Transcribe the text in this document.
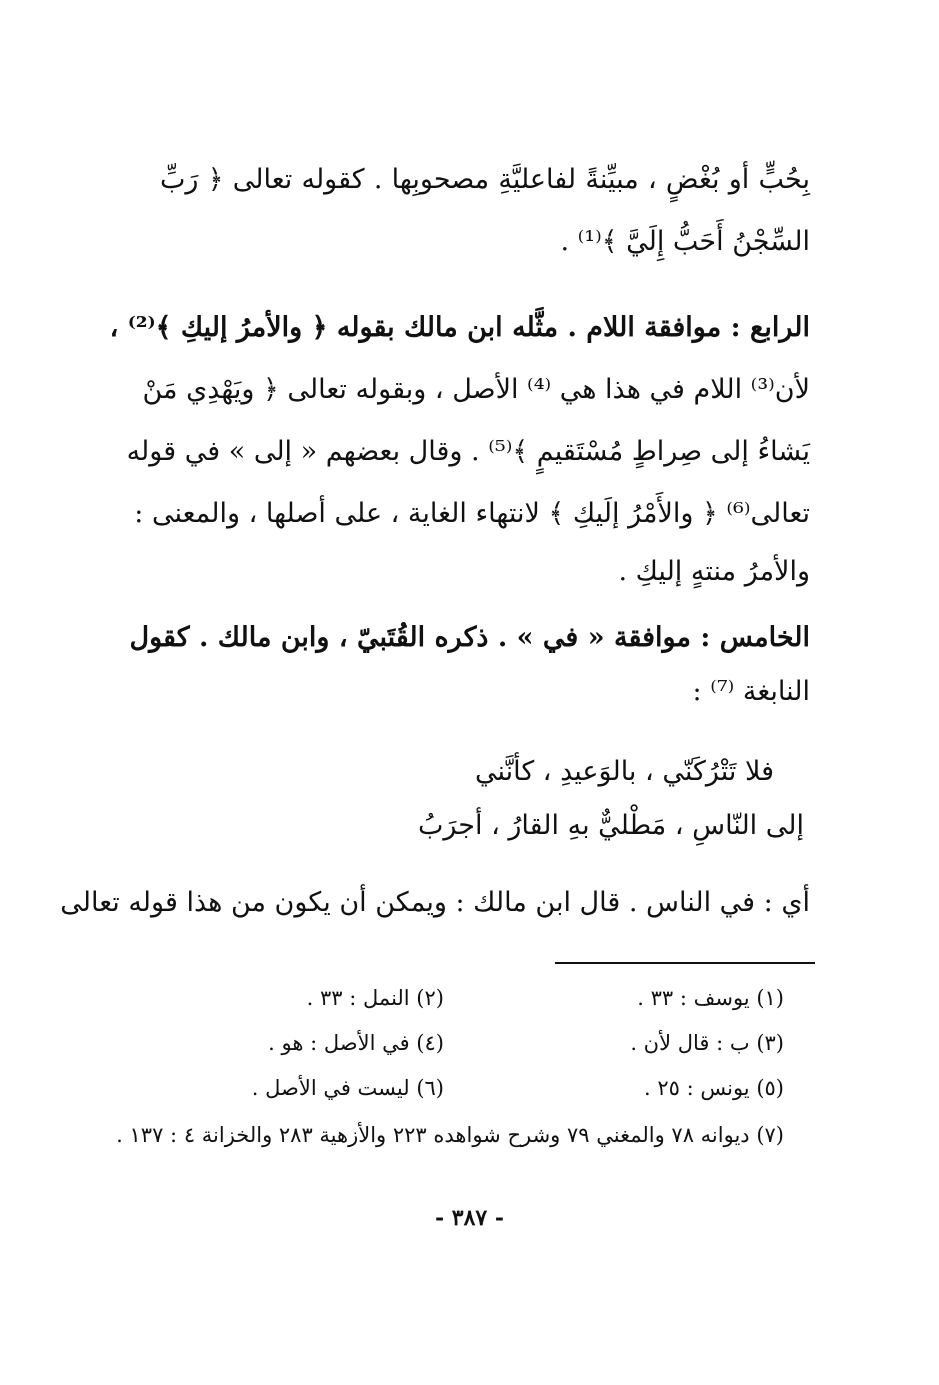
بِحُبٍّ أو بُغْضٍ ، مبيِّنةً لفاعليَّةِ مصحوبِها . كقوله تعالى ﴿ رَبِّ
السِّجْنُ أَحَبُّ إِلَيَّ ﴾⁽¹⁾ .
الرابع : موافقة اللام . مثَّله ابن مالك بقوله ﴿ والأمرُ إليكِ ﴾⁽²⁾ ،
لأن⁽³⁾ اللام في هذا هي ⁽⁴⁾ الأصل ، وبقوله تعالى ﴿ ويَهْدِي مَنْ
يَشاءُ إلى صِراطٍ مُسْتَقيمٍ ﴾⁽⁵⁾ . وقال بعضهم « إلى » في قوله
تعالى⁽⁶⁾ ﴿ والأَمْرُ إلَيكِ ﴾ لانتهاء الغاية ، على أصلها ، والمعنى :
والأمرُ منتهٍ إليكِ .
الخامس : موافقة « في » . ذكره القُتَبيّ ، وابن مالك . كقول
النابغة ⁽⁷⁾ :
فلا تَتْرُكَنّي ، بالوَعيدِ ، كأنَّني
إلى النّاسِ ، مَطْليٌّ بهِ القارُ ، أجرَبُ
أي : في الناس . قال ابن مالك : ويمكن أن يكون من هذا قوله تعالى
(١) يوسف : ٣٣ .
(٢) النمل : ٣٣ .
(٣) ب : قال لأن .
(٤) في الأصل : هو .
(٥) يونس : ٢٥ .
(٦) ليست في الأصل .
(٧) ديوانه ٧٨ والمغني ٧٩ وشرح شواهده ٢٢٣ والأزهية ٢٨٣ والخزانة ٤ : ١٣٧ .
- ٣٨٧ -
